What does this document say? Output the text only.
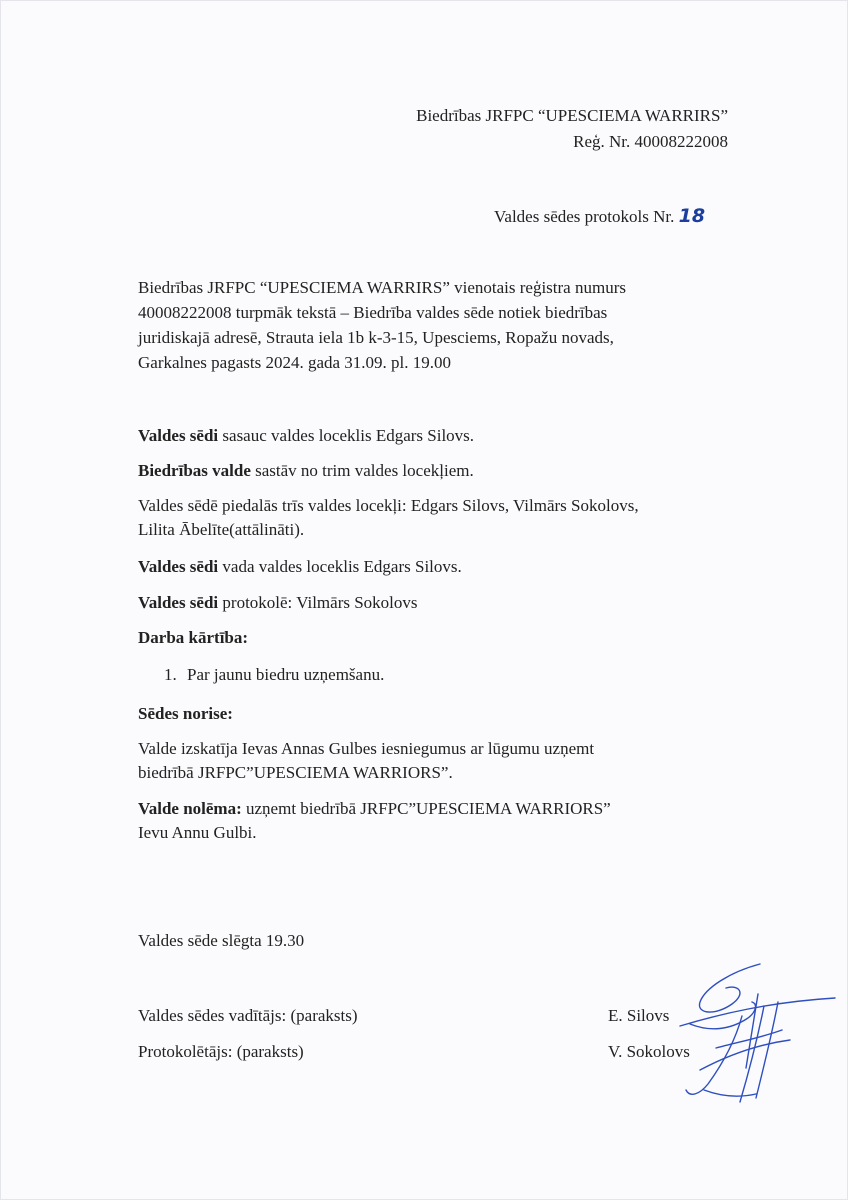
Biedrības JRFPC “UPESCIEMA WARRIRS”
Reģ. Nr. 40008222008
Valdes sēdes protokols Nr. 18
Biedrības JRFPC “UPESCIEMA WARRIRS” vienotais reģistra numurs
40008222008 turpmāk tekstā – Biedrība valdes sēde notiek biedrības
juridiskajā adresē, Strauta iela 1b k-3-15, Upesciems, Ropažu novads,
Garkalnes pagasts 2024. gada 31.09. pl. 19.00
Valdes sēdi sasauc valdes loceklis Edgars Silovs.
Biedrības valde sastāv no trim valdes locekļiem.
Valdes sēdē piedalās trīs valdes locekļi: Edgars Silovs, Vilmārs Sokolovs,
Lilita Ābelīte(attālināti).
Valdes sēdi vada valdes loceklis Edgars Silovs.
Valdes sēdi protokolē: Vilmārs Sokolovs
Darba kārtība:
1. Par jaunu biedru uzņemšanu.
Sēdes norise:
Valde izskatīja Ievas Annas Gulbes iesniegumus ar lūgumu uzņemt
biedrībā JRFPC”UPESCIEMA WARRIORS”.
Valde nolēma: uzņemt biedrībā JRFPC”UPESCIEMA WARRIORS”
Ievu Annu Gulbi.
Valdes sēde slēgta 19.30
Valdes sēdes vadītājs: (paraksts)	E. Silovs
Protokolētājs: (paraksts)	V. Sokolovs
